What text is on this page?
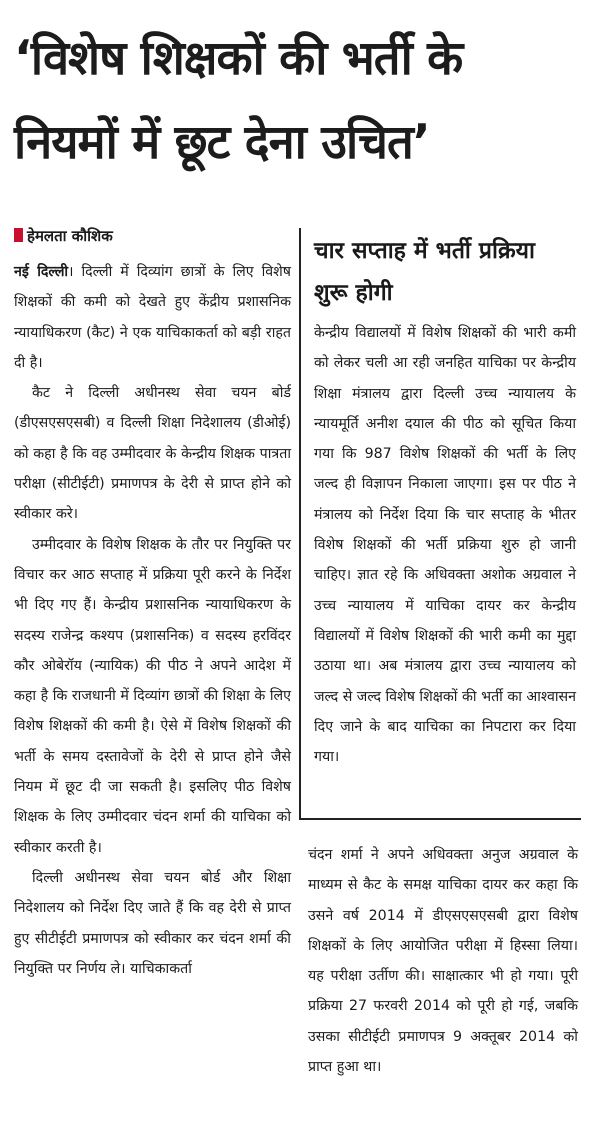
‘विशेष शिक्षकों की भर्ती के
नियमों में छूट देना उचित’
हेमलता कौशिक

नई दिल्ली। दिल्ली में दिव्यांग छात्रों के लिए विशेष शिक्षकों की कमी को देखते हुए केंद्रीय प्रशासनिक न्यायाधिकरण (कैट) ने एक याचिकाकर्ता को बड़ी राहत दी है।

कैट ने दिल्ली अधीनस्थ सेवा चयन बोर्ड (डीएसएसएसबी) व दिल्ली शिक्षा निदेशालय (डीओई) को कहा है कि वह उम्मीदवार के केन्द्रीय शिक्षक पात्रता परीक्षा (सीटीईटी) प्रमाणपत्र के देरी से प्राप्त होने को स्वीकार करे।

उम्मीदवार के विशेष शिक्षक के तौर पर नियुक्ति पर विचार कर आठ सप्ताह में प्रक्रिया पूरी करने के निर्देश भी दिए गए हैं। केन्द्रीय प्रशासनिक न्यायाधिकरण के सदस्य राजेन्द्र कश्यप (प्रशासनिक) व सदस्य हरविंदर कौर ओबेरॉय (न्यायिक) की पीठ ने अपने आदेश में कहा है कि राजधानी में दिव्यांग छात्रों की शिक्षा के लिए विशेष शिक्षकों की कमी है। ऐसे में विशेष शिक्षकों की भर्ती के समय दस्तावेजों के देरी से प्राप्त होने जैसे नियम में छूट दी जा सकती है। इसलिए पीठ विशेष शिक्षक के लिए उम्मीदवार चंदन शर्मा की याचिका को स्वीकार करती है।

दिल्ली अधीनस्थ सेवा चयन बोर्ड और शिक्षा निदेशालय को निर्देश दिए जाते हैं कि वह देरी से प्राप्त हुए सीटीईटी प्रमाणपत्र को स्वीकार कर चंदन शर्मा की नियुक्ति पर निर्णय ले। याचिकाकर्ता

चार सप्ताह में भर्ती प्रक्रिया शुरू होगी

केन्द्रीय विद्यालयों में विशेष शिक्षकों की भारी कमी को लेकर चली आ रही जनहित याचिका पर केन्द्रीय शिक्षा मंत्रालय द्वारा दिल्ली उच्च न्यायालय के न्यायमूर्ति अनीश दयाल की पीठ को सूचित किया गया कि 987 विशेष शिक्षकों की भर्ती के लिए जल्द ही विज्ञापन निकाला जाएगा। इस पर पीठ ने मंत्रालय को निर्देश दिया कि चार सप्ताह के भीतर विशेष शिक्षकों की भर्ती प्रक्रिया शुरु हो जानी चाहिए। ज्ञात रहे कि अधिवक्ता अशोक अग्रवाल ने उच्च न्यायालय में याचिका दायर कर केन्द्रीय विद्यालयों में विशेष शिक्षकों की भारी कमी का मुद्दा उठाया था। अब मंत्रालय द्वारा उच्च न्यायालय को जल्द से जल्द विशेष शिक्षकों की भर्ती का आश्वासन दिए जाने के बाद याचिका का निपटारा कर दिया गया।

चंदन शर्मा ने अपने अधिवक्ता अनुज अग्रवाल के माध्यम से कैट के समक्ष याचिका दायर कर कहा कि उसने वर्ष 2014 में डीएसएसएसबी द्वारा विशेष शिक्षकों के लिए आयोजित परीक्षा में हिस्सा लिया। यह परीक्षा उर्तीण की। साक्षात्कार भी हो गया। पूरी प्रक्रिया 27 फरवरी 2014 को पूरी हो गई, जबकि उसका सीटीईटी प्रमाणपत्र 9 अक्तूबर 2014 को प्राप्त हुआ था।
